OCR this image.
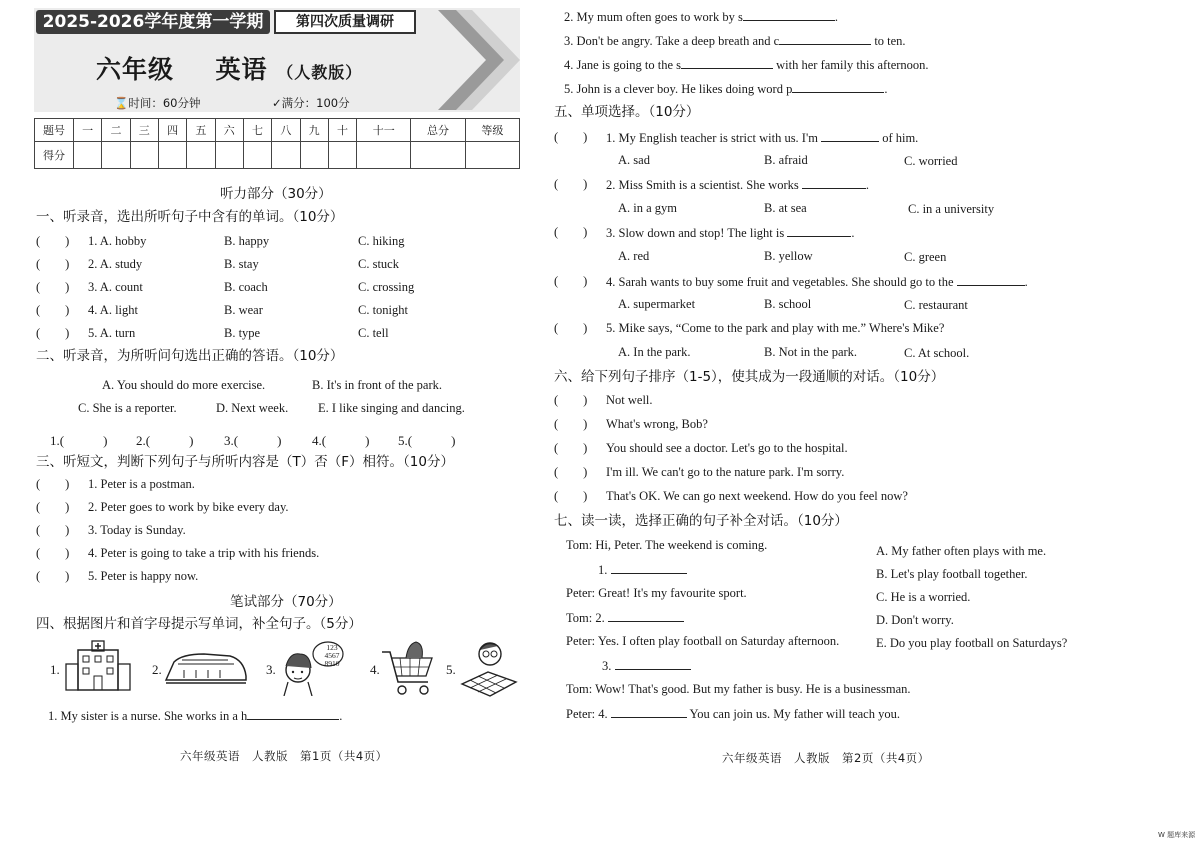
2025-2026学年度第一学期	第四次质量调研
六年级 英语 （人教版）
⌛时间：60分钟	✓满分：100分
题号	一	二	三	四	五	六	七	八	九	十	十一	总分	等级
得分													
听力部分（30分）
一、听录音，选出所听句子中含有的单词。（10分）
(　　) 1. A. hobby	B. happy	C. hiking
(　　) 2. A. study	B. stay	C. stuck
(　　) 3. A. count	B. coach	C. crossing
(　　) 4. A. light	B. wear	C. tonight
(　　) 5. A. turn	B. type	C. tell
二、听录音，为所听问句选出正确的答语。（10分）
A. You should do more exercise.	B. It's in front of the park.
C. She is a reporter.	D. Next week. E. I like singing and dancing.
1.(　　　) 2.(　　　) 3.(　　　) 4.(　　　) 5.(　　　)
三、听短文，判断下列句子与所听内容是（T）否（F）相符。（10分）
(　　) 1. Peter is a postman.
(　　) 2. Peter goes to work by bike every day.
(　　) 3. Today is Sunday.
(　　) 4. Peter is going to take a trip with his friends.
(　　) 5. Peter is happy now.
笔试部分（70分）
四、根据图片和首字母提示写单词，补全句子。（5分）
1.	2.	3.
123 4567 8910	4.	5.
1. My sister is a nurse. She works in a h	.
六年级英语　人教版　第1页（共4页）
2. My mum often goes to work by s	.
3. Don't be angry. Take a deep breath and c	to ten.
4. Jane is going to the s	with her family this afternoon.
5. John is a clever boy. He likes doing word p	.
五、单项选择。（10分）
(　　) 1. My English teacher is strict with us. I'm	of him.
A. sad	B. afraid	C. worried
(　　) 2. Miss Smith is a scientist. She works	.
A. in a gym	B. at sea	C. in a university
(　　) 3. Slow down and stop! The light is	.
A. red	B. yellow	C. green
(　　) 4. Sarah wants to buy some fruit and vegetables. She should go to the	.
A. supermarket	B. school	C. restaurant
(　　) 5. Mike says, “Come to the park and play with me.” Where's Mike?
A. In the park.	B. Not in the park.	C. At school.
六、给下列句子排序（1-5），使其成为一段通顺的对话。（10分）
(　　) Not well.
(　　) What's wrong, Bob?
(　　) You should see a doctor. Let's go to the hospital.
(　　) I'm ill. We can't go to the nature park. I'm sorry.
(　　) That's OK. We can go next weekend. How do you feel now?
七、读一读，选择正确的句子补全对话。（10分）
Tom: Hi, Peter. The weekend is coming.
1.
Peter: Great! It's my favourite sport.
Tom: 2.
Peter: Yes. I often play football on Saturday afternoon.
3.
Tom: Wow! That's good. But my father is busy. He is a businessman.
Peter: 4.	You can join us. My father will teach you.
A. My father often plays with me.
B. Let's play football together.
C. He is a worried.
D. Don't worry.
E. Do you play football on Saturdays?
六年级英语　人教版　第2页（共4页）
W 题库来源
